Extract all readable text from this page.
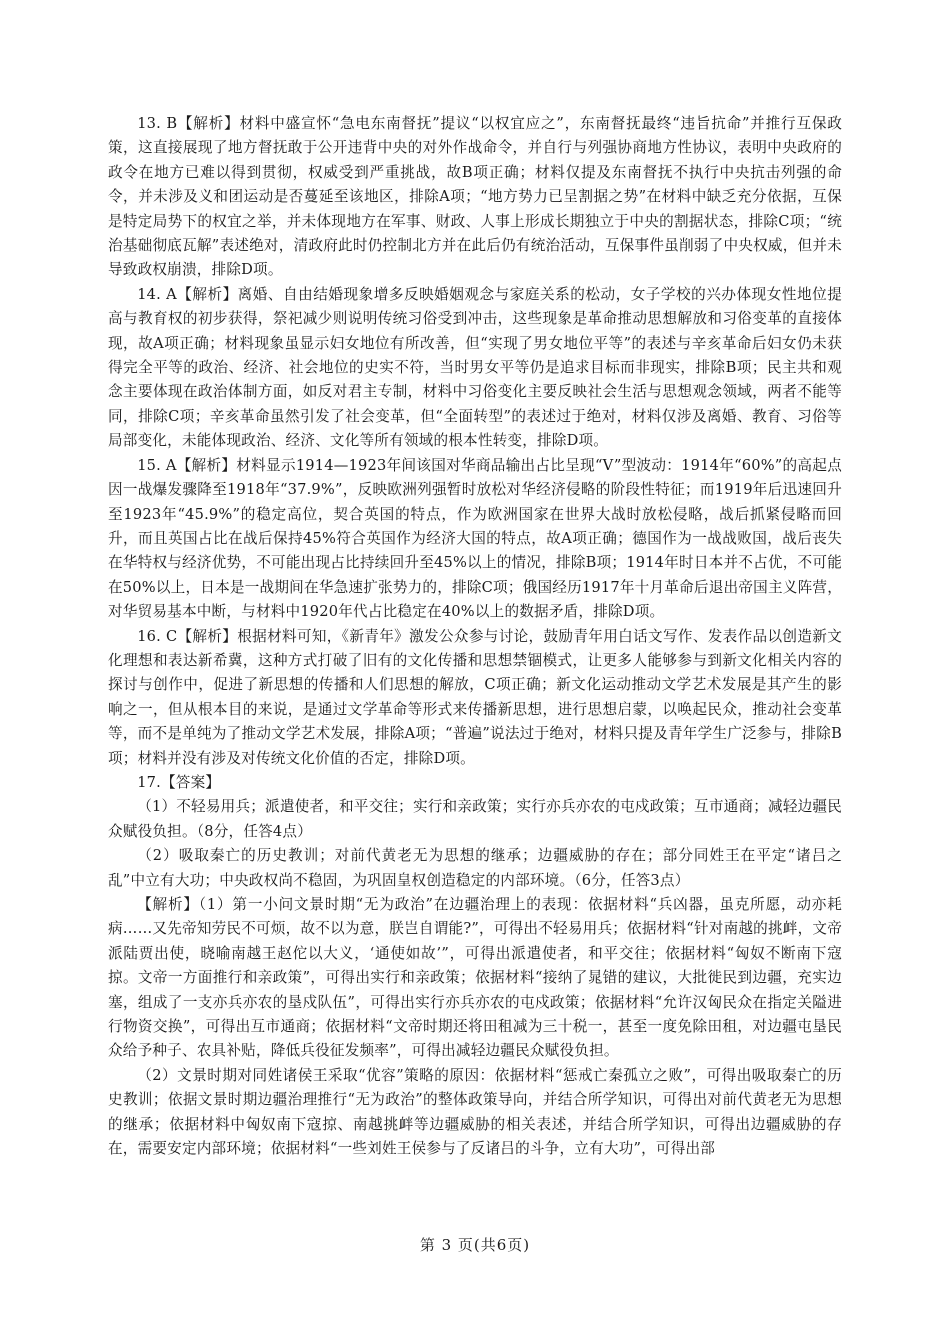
13. B【解析】材料中盛宣怀“急电东南督抚”提议“以权宜应之”，东南督抚最终“违旨抗命”并推行互保政策，这直接展现了地方督抚敢于公开违背中央的对外作战命令，并自行与列强协商地方性协议，表明中央政府的政令在地方已难以得到贯彻，权威受到严重挑战，故B项正确；材料仅提及东南督抚不执行中央抗击列强的命令，并未涉及义和团运动是否蔓延至该地区，排除A项；“地方势力已呈割据之势”在材料中缺乏充分依据，互保是特定局势下的权宜之举，并未体现地方在军事、财政、人事上形成长期独立于中央的割据状态，排除C项；“统治基础彻底瓦解”表述绝对，清政府此时仍控制北方并在此后仍有统治活动，互保事件虽削弱了中央权威，但并未导致政权崩溃，排除D项。

14. A【解析】离婚、自由结婚现象增多反映婚姻观念与家庭关系的松动，女子学校的兴办体现女性地位提高与教育权的初步获得，祭祀减少则说明传统习俗受到冲击，这些现象是革命推动思想解放和习俗变革的直接体现，故A项正确；材料现象虽显示妇女地位有所改善，但“实现了男女地位平等”的表述与辛亥革命后妇女仍未获得完全平等的政治、经济、社会地位的史实不符，当时男女平等仍是追求目标而非现实，排除B项；民主共和观念主要体现在政治体制方面，如反对君主专制，材料中习俗变化主要反映社会生活与思想观念领域，两者不能等同，排除C项；辛亥革命虽然引发了社会变革，但“全面转型”的表述过于绝对，材料仅涉及离婚、教育、习俗等局部变化，未能体现政治、经济、文化等所有领域的根本性转变，排除D项。

15. A【解析】材料显示1914—1923年间该国对华商品输出占比呈现“V”型波动：1914年“60%”的高起点因一战爆发骤降至1918年“37.9%”，反映欧洲列强暂时放松对华经济侵略的阶段性特征；而1919年后迅速回升至1923年“45.9%”的稳定高位，契合英国的特点，作为欧洲国家在世界大战时放松侵略，战后抓紧侵略而回升，而且英国占比在战后保持45%符合英国作为经济大国的特点，故A项正确；德国作为一战战败国，战后丧失在华特权与经济优势，不可能出现占比持续回升至45%以上的情况，排除B项；1914年时日本并不占优，不可能在50%以上，日本是一战期间在华急速扩张势力的，排除C项；俄国经历1917年十月革命后退出帝国主义阵营，对华贸易基本中断，与材料中1920年代占比稳定在40%以上的数据矛盾，排除D项。

16. C【解析】根据材料可知，《新青年》激发公众参与讨论，鼓励青年用白话文写作、发表作品以创造新文化理想和表达新希冀，这种方式打破了旧有的文化传播和思想禁锢模式，让更多人能够参与到新文化相关内容的探讨与创作中，促进了新思想的传播和人们思想的解放，C项正确；新文化运动推动文学艺术发展是其产生的影响之一，但从根本目的来说，是通过文学革命等形式来传播新思想，进行思想启蒙，以唤起民众，推动社会变革等，而不是单纯为了推动文学艺术发展，排除A项；“普遍”说法过于绝对，材料只提及青年学生广泛参与，排除B项；材料并没有涉及对传统文化价值的否定，排除D项。

17.【答案】

（1）不轻易用兵；派遣使者，和平交往；实行和亲政策；实行亦兵亦农的屯戍政策；互市通商；减轻边疆民众赋役负担。（8分，任答4点）

（2）吸取秦亡的历史教训；对前代黄老无为思想的继承；边疆威胁的存在；部分同姓王在平定“诸吕之乱”中立有大功；中央政权尚不稳固，为巩固皇权创造稳定的内部环境。（6分，任答3点）

【解析】（1）第一小问文景时期“无为政治”在边疆治理上的表现：依据材料“兵凶器，虽克所愿，动亦耗病……又先帝知劳民不可烦，故不以为意，朕岂自谓能?”，可得出不轻易用兵；依据材料“针对南越的挑衅，文帝派陆贾出使，晓喻南越王赵佗以大义，‘通使如故’”，可得出派遣使者，和平交往；依据材料“匈奴不断南下寇掠。文帝一方面推行和亲政策”，可得出实行和亲政策；依据材料“接纳了晁错的建议，大批徙民到边疆，充实边塞，组成了一支亦兵亦农的垦戍队伍”，可得出实行亦兵亦农的屯戍政策；依据材料“允许汉匈民众在指定关隘进行物资交换”，可得出互市通商；依据材料“文帝时期还将田租减为三十税一，甚至一度免除田租，对边疆屯垦民众给予种子、农具补贴，降低兵役征发频率”，可得出减轻边疆民众赋役负担。

（2）文景时期对同姓诸侯王采取“优容”策略的原因：依据材料“惩戒亡秦孤立之败”，可得出吸取秦亡的历史教训；依据文景时期边疆治理推行“无为政治”的整体政策导向，并结合所学知识，可得出对前代黄老无为思想的继承；依据材料中匈奴南下寇掠、南越挑衅等边疆威胁的相关表述，并结合所学知识，可得出边疆威胁的存在，需要安定内部环境；依据材料“一些刘姓王侯参与了反诸吕的斗争，立有大功”，可得出部

第 3 页(共6页)
